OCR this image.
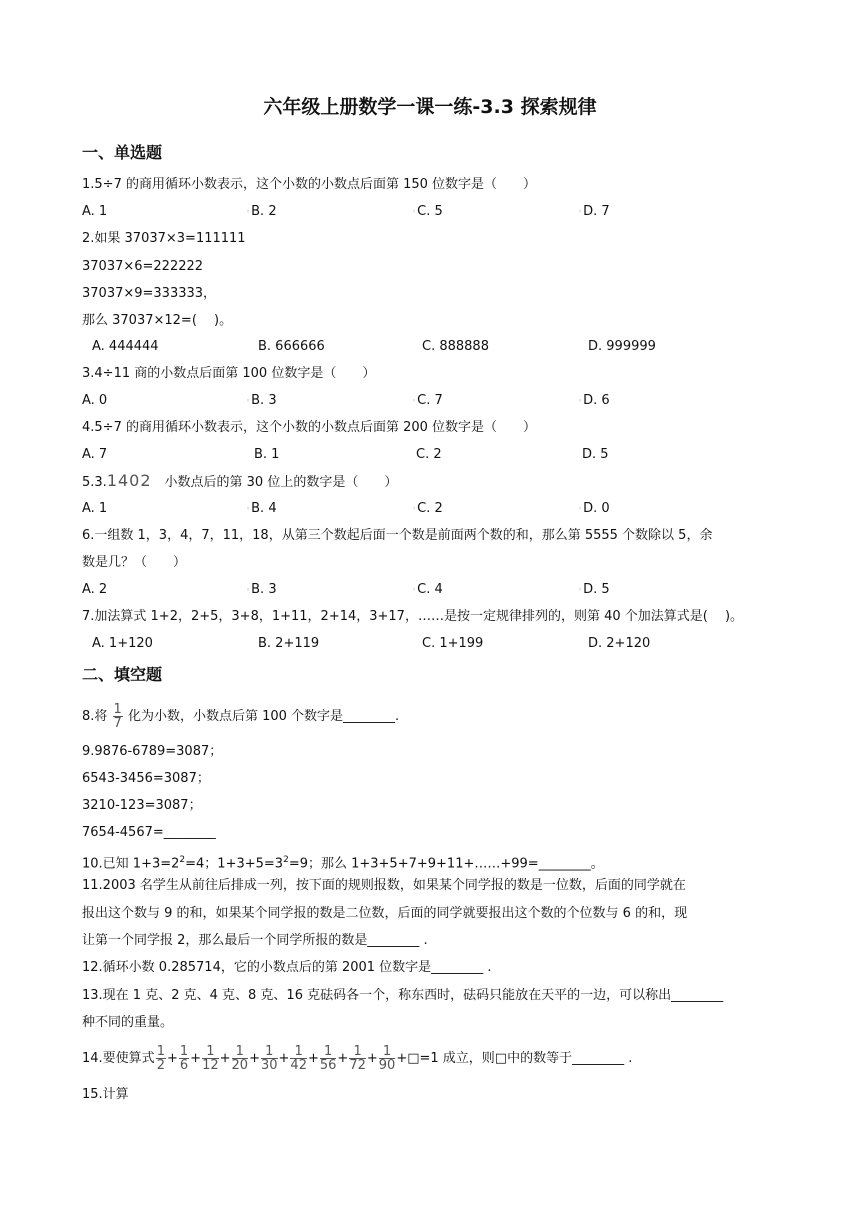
六年级上册数学一课一练-3.3 探索规律
一、单选题
1.5÷7 的商用循环小数表示，这个小数的小数点后面第 150 位数字是（　　）
A. 1	◦B. 2	◦C. 5	◦D. 7
2.如果 37037×3=111111
37037×6=222222
37037×9=333333，
那么 37037×12=(　 )。
A. 444444	B. 666666	C. 888888	D. 999999
3.4÷11 商的小数点后面第 100 位数字是（　　）
A. 0	◦B. 3	◦C. 7	◦D. 6
4.5÷7 的商用循环小数表示，这个小数的小数点后面第 200 位数字是（　　）
A. 7	B. 1	C. 2	D. 5
5.3.1402　小数点后的第 30 位上的数字是（　　）
A. 1	◦B. 4	◦C. 2	◦D. 0
6.一组数 1，3，4，7，11，18，从第三个数起后面一个数是前面两个数的和，那么第 5555 个数除以 5，余
数是几？（　　）
A. 2	◦B. 3	◦C. 4	◦D. 5
7.加法算式 1+2，2+5，3+8，1+11，2+14，3+17，……是按一定规律排列的，则第 40 个加法算式是(　 )。
A. 1+120	B. 2+119	C. 1+199	D. 2+120
二、填空题
8.将 $\frac{1}{7}$ 化为小数，小数点后第 100 个数字是________.
9.9876-6789=3087；
6543-3456=3087；
3210-123=3087；
7654-4567=________
10.已知 $1+3=2^2=4$；$1+3+5=3^2=9$；那么 1+3+5+7+9+11+……+99=________。
11.2003 名学生从前往后排成一列，按下面的规则报数，如果某个同学报的数是一位数，后面的同学就在
报出这个数与 9 的和，如果某个同学报的数是二位数，后面的同学就要报出这个数的个位数与 6 的和，现
让第一个同学报 2，那么最后一个同学所报的数是________ .
12.循环小数 0.285714，它的小数点后的第 2001 位数字是________ .
13.现在 1 克、2 克、4 克、8 克、16 克砝码各一个，称东西时，砝码只能放在天平的一边，可以称出________
种不同的重量。
14.要使算式 $\frac{1}{2} + \frac{1}{6} + \frac{1}{12} + \frac{1}{20} + \frac{1}{30} + \frac{1}{42} + \frac{1}{56} + \frac{1}{72} + \frac{1}{90}$ +□=1 成立，则□中的数等于________ .
15.计算
